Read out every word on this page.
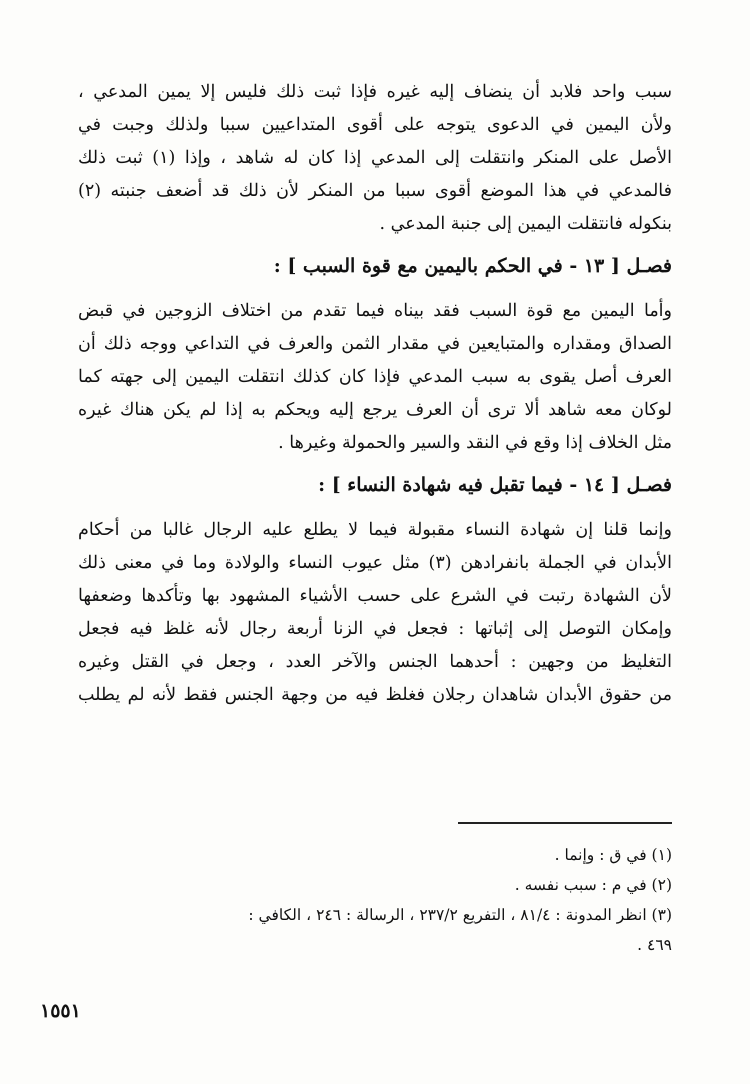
سبب واحد فلابد أن ينضاف إليه غيره فإذا ثبت ذلك فليس إلا يمين المدعي ،
ولأن اليمين في الدعوى يتوجه على أقوى المتداعيين سببا ولذلك وجبت في
الأصل على المنكر وانتقلت إلى المدعي إذا كان له شاهد ، وإذا (١) ثبت ذلك
فالمدعي في هذا الموضع أقوى سببا من المنكر لأن ذلك قد أضعف جنبته (٢)
بنكوله فانتقلت اليمين إلى جنبة المدعي .
فصـل [ ١٣ - في الحكم باليمين مع قوة السبب ] :
وأما اليمين مع قوة السبب فقد بيناه فيما تقدم من اختلاف الزوجين في قبض
الصداق ومقداره والمتبايعين في مقدار الثمن والعرف في التداعي ووجه ذلك أن
العرف أصل يقوى به سبب المدعي فإذا كان كذلك انتقلت اليمين إلى جهته كما
لوكان معه شاهد ألا ترى أن العرف يرجع إليه ويحكم به إذا لم يكن هناك غيره
مثل الخلاف إذا وقع في النقد والسير والحمولة وغيرها .
فصـل [ ١٤ - فيما تقبل فيه شهادة النساء ] :
وإنما قلنا إن شهادة النساء مقبولة فيما لا يطلع عليه الرجال غالبا من أحكام
الأبدان في الجملة بانفرادهن (٣) مثل عيوب النساء والولادة وما في معنى ذلك
لأن الشهادة رتبت في الشرع على حسب الأشياء المشهود بها وتأكدها وضعفها
وإمكان التوصل إلى إثباتها : فجعل في الزنا أربعة رجال لأنه غلظ فيه فجعل
التغليظ من وجهين : أحدهما الجنس والآخر العدد ، وجعل في القتل وغيره
من حقوق الأبدان شاهدان رجلان فغلظ فيه من وجهة الجنس فقط لأنه لم يطلب
(١) في ق : وإنما .
(٢) في م : سبب نفسه .
(٣) انظر المدونة : ٨١/٤ ، التفريع ٢٣٧/٢ ، الرسالة : ٢٤٦ ، الكافي :
٤٦٩ .
١٥٥١
